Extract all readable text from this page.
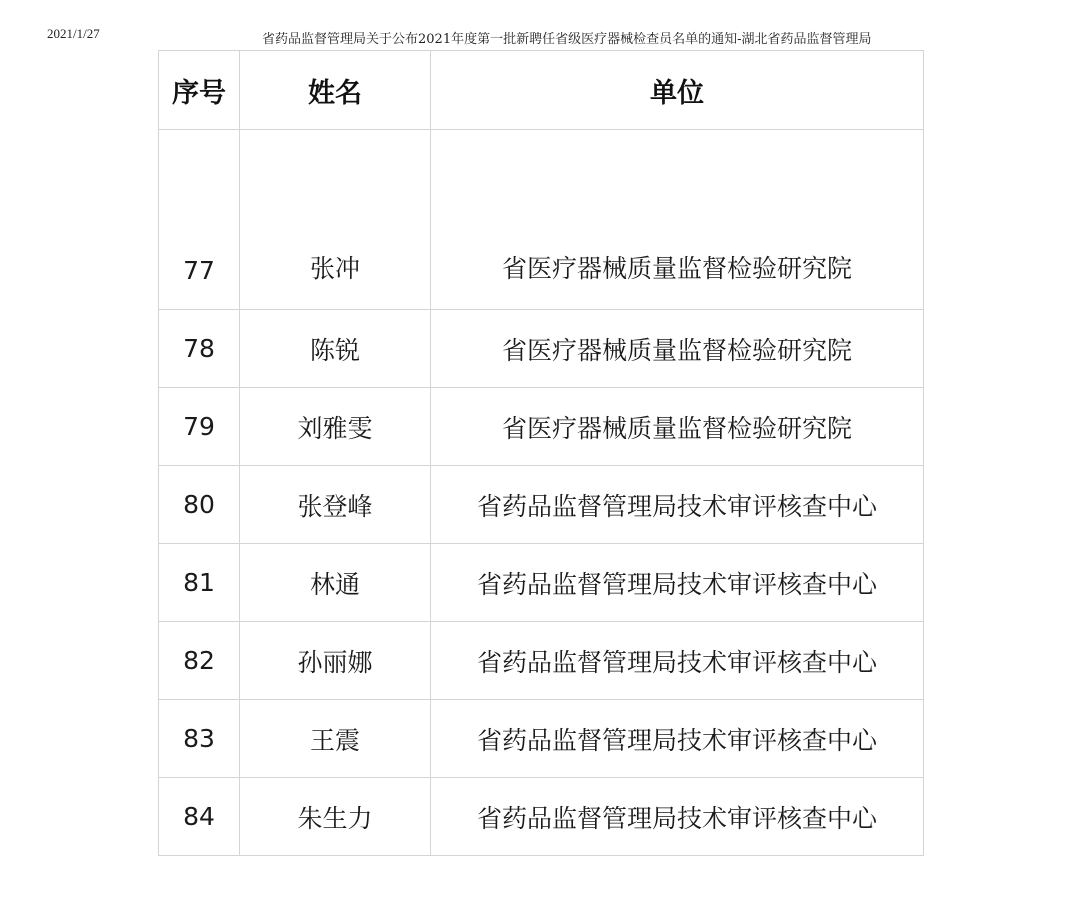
2021/1/27	省药品监督管理局关于公布2021年度第一批新聘任省级医疗器械检查员名单的通知-湖北省药品监督管理局
序号	姓名	单位
77	张冲	省医疗器械质量监督检验研究院
78	陈锐	省医疗器械质量监督检验研究院
79	刘雅雯	省医疗器械质量监督检验研究院
80	张登峰	省药品监督管理局技术审评核查中心
81	林通	省药品监督管理局技术审评核查中心
82	孙丽娜	省药品监督管理局技术审评核查中心
83	王震	省药品监督管理局技术审评核查中心
84	朱生力	省药品监督管理局技术审评核查中心
